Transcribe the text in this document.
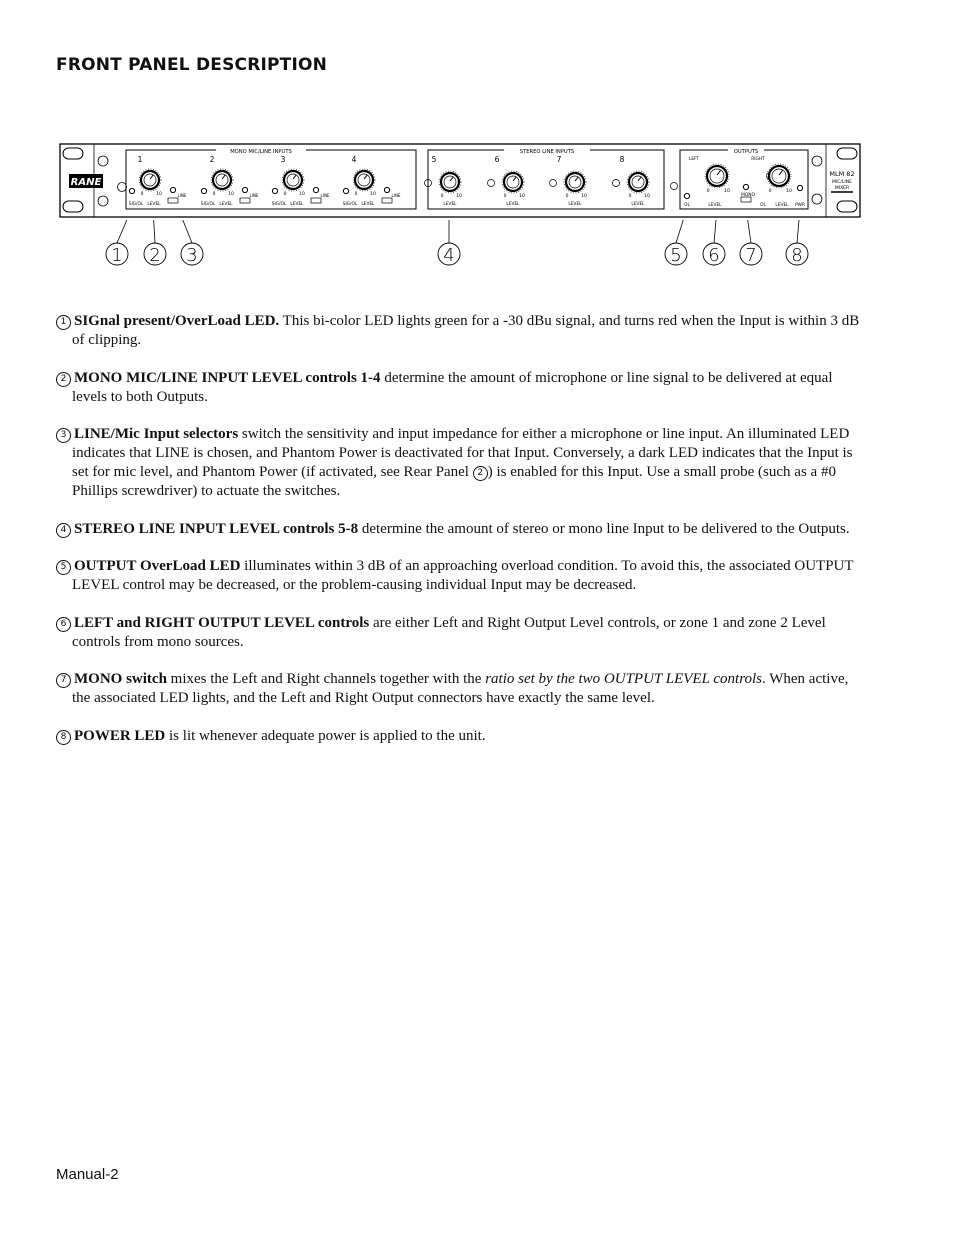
FRONT PANEL DESCRIPTION
RANE
MONO MIC/LINE INPUTS	STEREO LINE INPUTS	OUTPUTS
MLM 82
MIC/LINE
MIXER
1
0	10
SIG/OL LEVEL
LINE
2
0	10
SIG/OL LEVEL
LINE
3
0	10
SIG/OL LEVEL
LINE
4
0	10
SIG/OL LEVEL
LINE
5
0	10
LEVEL
6
0	10
LEVEL
7
0	10
LEVEL
8
0	10
LEVEL
LEFT	RIGHT
OL
0	10
LEVEL
MONO
0	10
OL LEVEL PWR
1 2 3	4	5 6 7 8
1 SIGnal present/OverLoad LED. This bi-color LED lights green for a -30 dBu signal, and turns red when the Input is within 3 dB of clipping.
2 MONO MIC/LINE INPUT LEVEL controls 1-4 determine the amount of microphone or line signal to be delivered at equal levels to both Outputs.
3 LINE/Mic Input selectors switch the sensitivity and input impedance for either a microphone or line input. An illuminated LED indicates that LINE is chosen, and Phantom Power is deactivated for that Input. Conversely, a dark LED indicates that the Input is set for mic level, and Phantom Power (if activated, see Rear Panel 2 ) is enabled for this Input. Use a small probe (such as a #0 Phillips screwdriver) to actuate the switches.
4 STEREO LINE INPUT LEVEL controls 5-8 determine the amount of stereo or mono line Input to be delivered to the Outputs.
5 OUTPUT OverLoad LED illuminates within 3 dB of an approaching overload condition. To avoid this, the associated OUTPUT LEVEL control may be decreased, or the problem-causing individual Input may be decreased.
6 LEFT and RIGHT OUTPUT LEVEL controls are either Left and Right Output Level controls, or zone 1 and zone 2 Level controls from mono sources.
7 MONO switch mixes the Left and Right channels together with the ratio set by the two OUTPUT LEVEL controls. When active, the associated LED lights, and the Left and Right Output connectors have exactly the same level.
8 POWER LED is lit whenever adequate power is applied to the unit.
Manual-2
